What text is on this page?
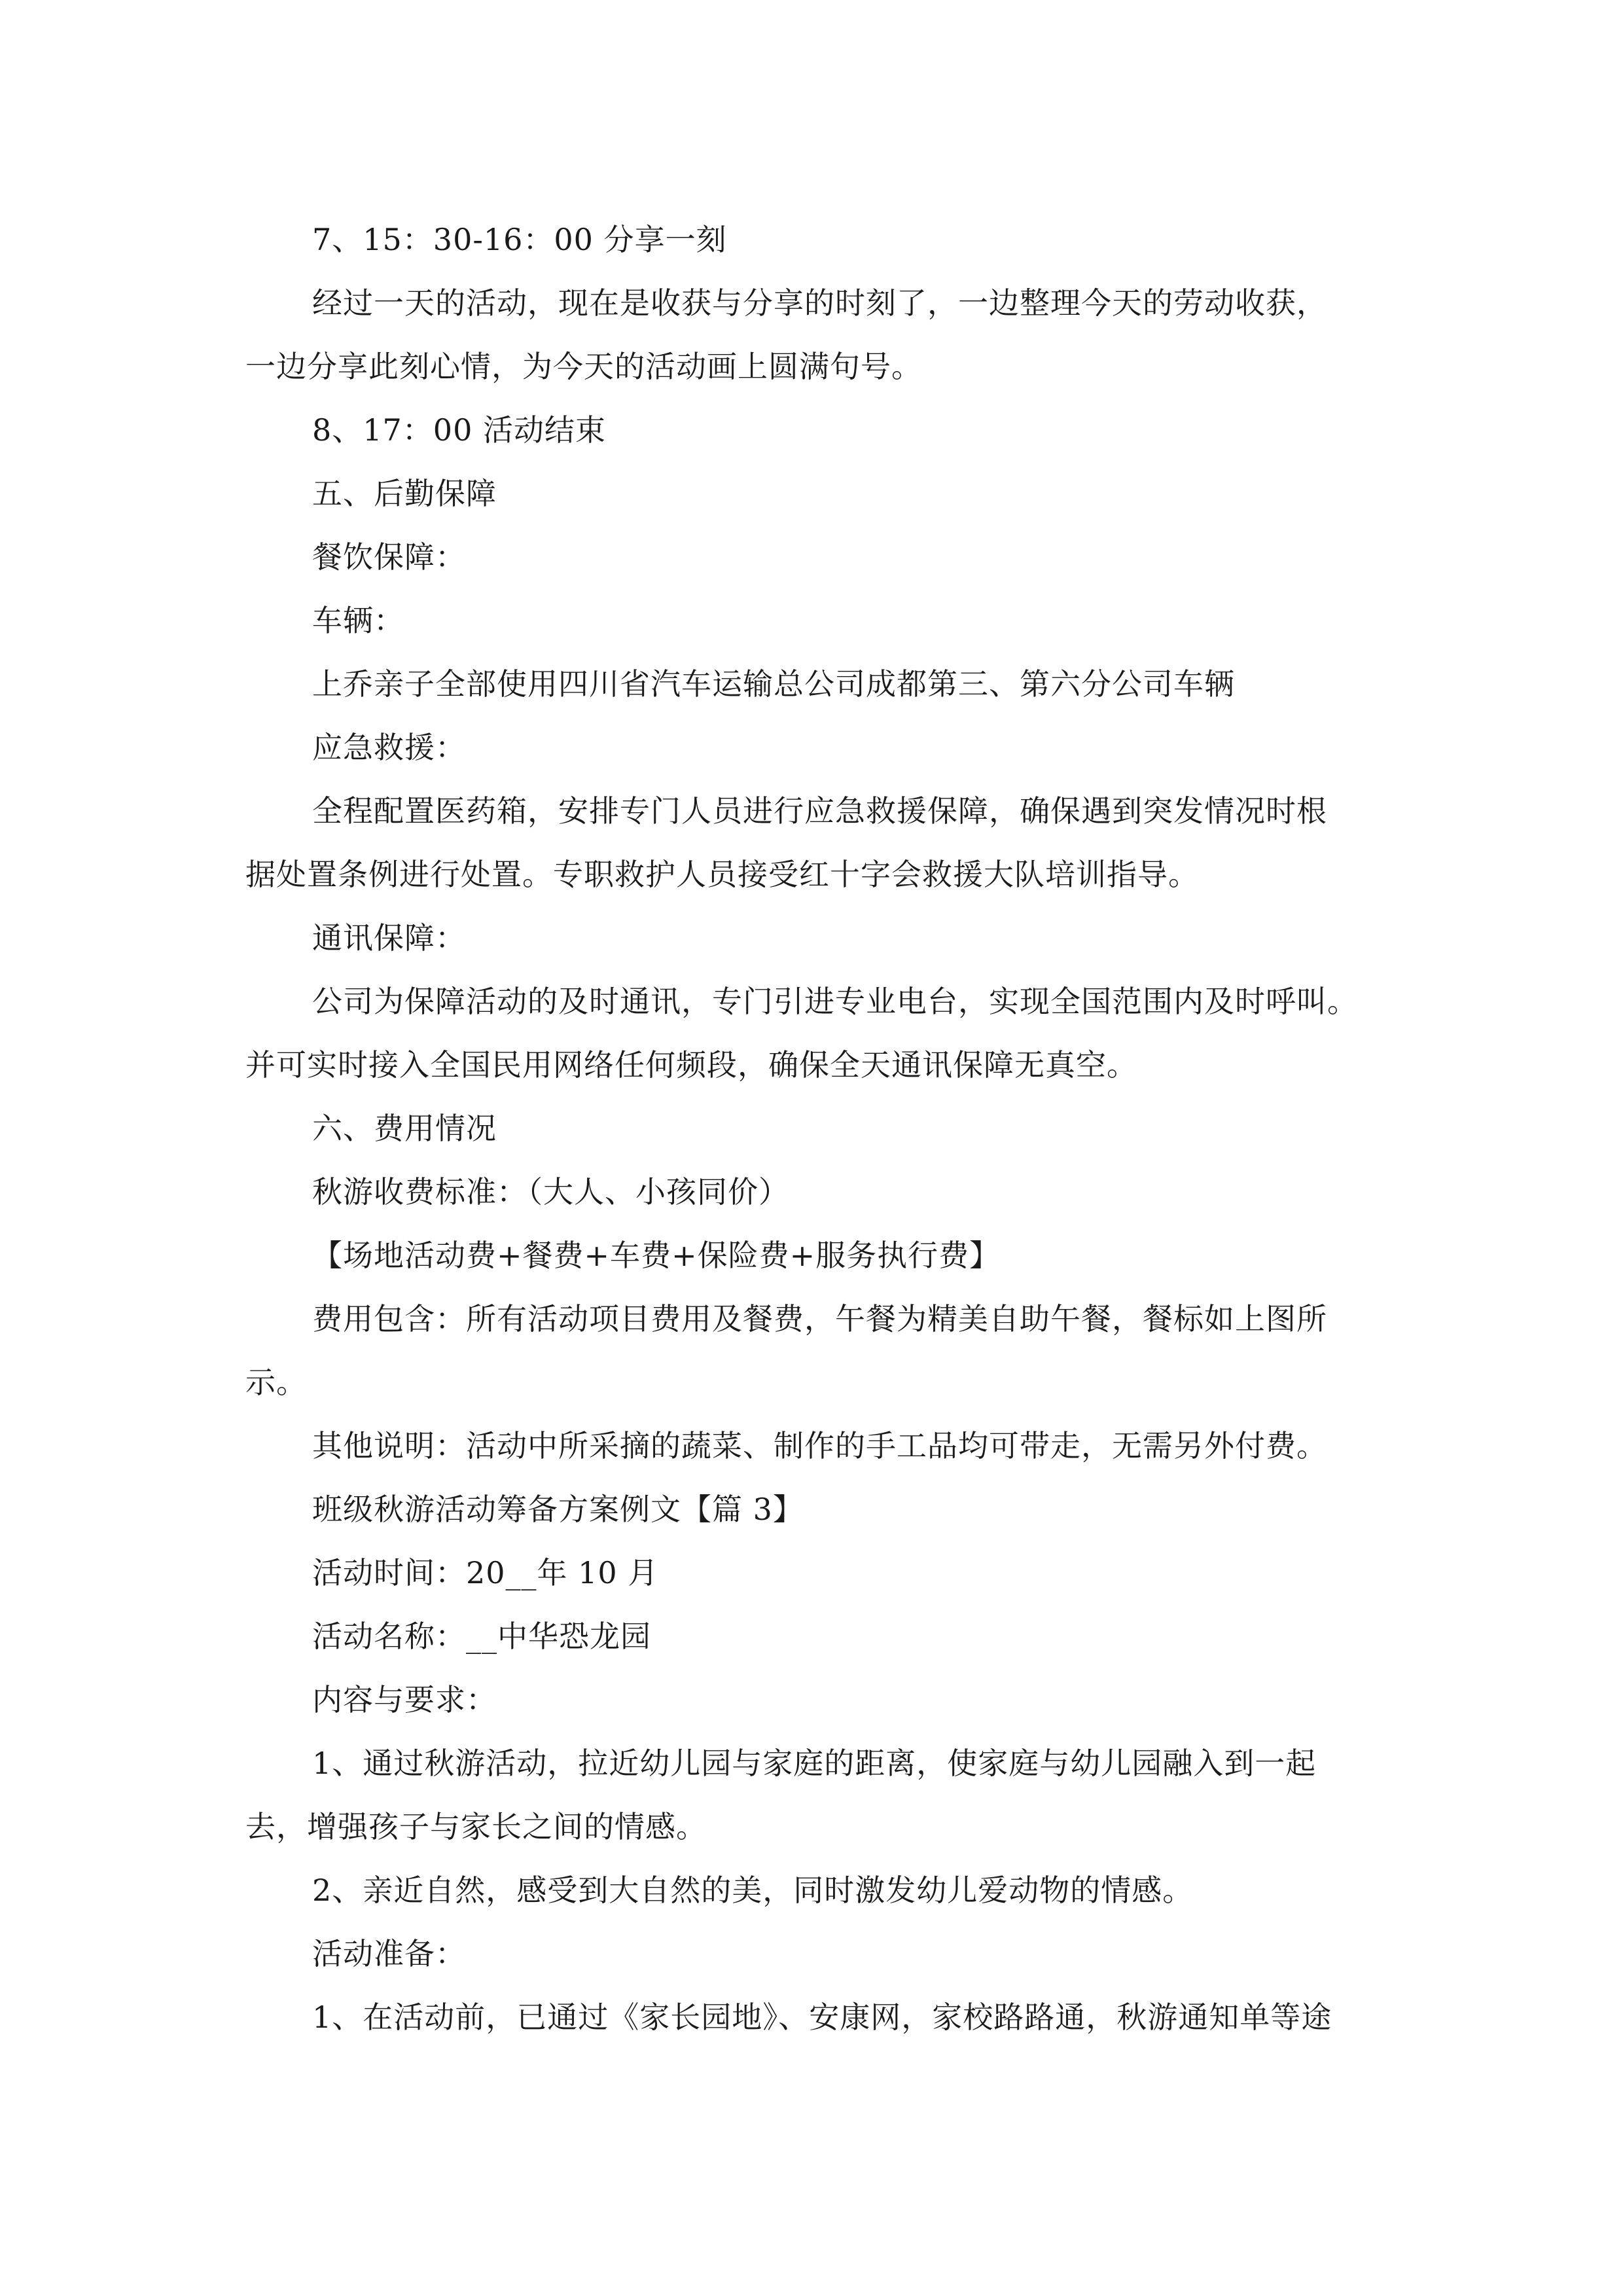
7、15：30-16：00 分享一刻
经过一天的活动，现在是收获与分享的时刻了，一边整理今天的劳动收获，
一边分享此刻心情，为今天的活动画上圆满句号。
8、17：00 活动结束
五、后勤保障
餐饮保障：
车辆：
上乔亲子全部使用四川省汽车运输总公司成都第三、第六分公司车辆
应急救援：
全程配置医药箱，安排专门人员进行应急救援保障，确保遇到突发情况时根
据处置条例进行处置。专职救护人员接受红十字会救援大队培训指导。
通讯保障：
公司为保障活动的及时通讯，专门引进专业电台，实现全国范围内及时呼叫。
并可实时接入全国民用网络任何频段，确保全天通讯保障无真空。
六、费用情况
秋游收费标准：（大人、小孩同价）
【场地活动费+餐费+车费+保险费+服务执行费】
费用包含：所有活动项目费用及餐费，午餐为精美自助午餐，餐标如上图所
示。
其他说明：活动中所采摘的蔬菜、制作的手工品均可带走，无需另外付费。
班级秋游活动筹备方案例文【篇 3】
活动时间：20__年 10 月
活动名称：__中华恐龙园
内容与要求：
1、通过秋游活动，拉近幼儿园与家庭的距离，使家庭与幼儿园融入到一起
去，增强孩子与家长之间的情感。
2、亲近自然，感受到大自然的美，同时激发幼儿爱动物的情感。
活动准备：
1、在活动前，已通过《家长园地》、安康网，家校路路通，秋游通知单等途
